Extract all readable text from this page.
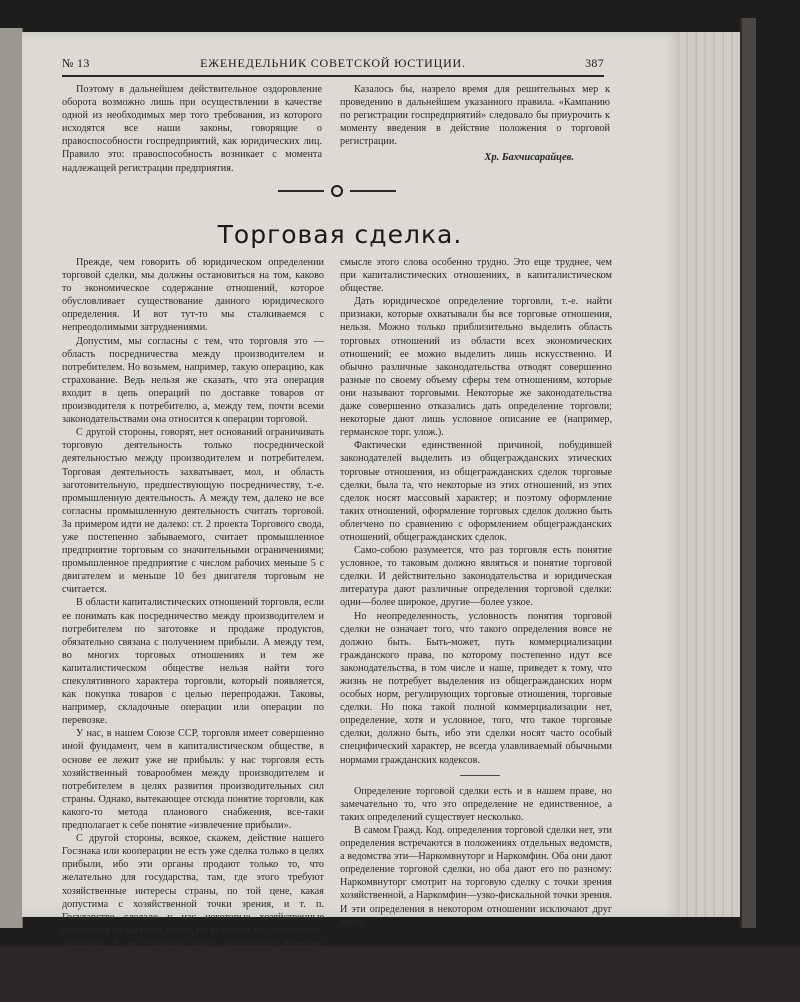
№ 13	ЕЖЕНЕДЕЛЬНИК СОВЕТСКОЙ ЮСТИЦИИ.	387

Поэтому в дальнейшем действительное оздоровление оборота возможно лишь при осуществлении в качестве одной из необходимых мер того требования, из которого исходятся все наши законы, говорящие о правоспособности госпредприятий, как юридических лиц. Правило это: правоспособность возникает с момента надлежащей регистрации предприятия.

Казалось бы, назрело время для решительных мер к проведению в дальнейшем указанного правила. «Кампанию по регистрации госпредприятий» следовало бы приурочить к моменту введения в действие положения о торговой регистрации.

Хр. Бахчисарайцев.
Торговая сделка.

Прежде, чем говорить об юридическом определении торговой сделки, мы должны остановиться на том, каково то экономическое содержание отношений, которое обусловливает существование данного юридического определения. И вот тут-то мы сталкиваемся с непреодолимыми затруднениями.

Допустим, мы согласны с тем, что торговля это — область посредничества между производителем и потребителем. Но возьмем, например, такую операцию, как страхование. Ведь нельзя же сказать, что эта операция входит в цепь операций по доставке товаров от производителя к потребителю, а, между тем, почти всеми законодательствами она относится к операции торговой.

С другой стороны, говорят, нет оснований ограничивать торговую деятельность только посреднической деятельностью между производителем и потребителем. Торговая деятельность захватывает, мол, и область заготовительную, предшествующую посредничеству, т.-е. промышленную деятельность. А между тем, далеко не все согласны промышленную деятельность считать торговой. За примером идти не далеко: ст. 2 проекта Торгового свода, уже постепенно забываемого, считает промышленное предприятие торговым со значительными ограничениями; промышленное предприятие с числом рабочих меньше 5 с двигателем и меньше 10 без двигателя торговым не считается.

В области капиталистических отношений торговля, если ее понимать как посредничество между производителем и потребителем по заготовке и продаже продуктов, обязательно связана с получением прибыли. А между тем, во многих торговых отношениях и тем же капиталистическом обществе нельзя найти того спекулятивного характера торговли, который появляется, как покупка товаров с целью перепродажи. Таковы, например, складочные операции или операции по перевозке.

У нас, в нашем Союзе ССР, торговля имеет совершенно иной фундамент, чем в капиталистическом обществе, в основе ее лежит уже не прибыль: у нас торговля есть хозяйственный товарообмен между производителем и потребителем в целях развития производительных сил страны. Однако, вытекающее отсюда понятие торговли, как какого-то метода планового снабжения, все-таки предполагает к себе понятие «извлечение прибыли».

С другой стороны, всякое, скажем, действие нашего Госзнака или кооперации не есть уже сделка только в целях прибыли, ибо эти органы продают только то, что желательно для государства, там, где этого требуют хозяйственные интересы страны, по той цене, какая допустима с хозяйственной точки зрения, и т. п. Государство сделало у нас некоторые хозяйственные отношения не частным делом, но явлением государственно-правовым. У нас торговцы несут социальную функцию больше, чем где-либо.

При таких условиях выделить область торговых отношений из области экономических отношений в широком

смысле этого слова особенно трудно. Это еще труднее, чем при капиталистических отношениях, в капиталистическом обществе.

Дать юридическое определение торговли, т.-е. найти признаки, которые охватывали бы все торговые отношения, нельзя. Можно только приблизительно выделить область торговых отношений из области всех экономических отношений; ее можно выделить лишь искусственно. И обычно различные законодательства отводят совершенно разные по своему объему сферы тем отношениям, которые они называют торговыми. Некоторые же законодательства даже совершенно отказались дать определение торговли; некоторые дают лишь условное описание ее (например, германское торг. улож.).

Фактически единственной причиной, побудившей законодателей выделить из общегражданских этических торговые отношения, из общегражданских сделок торговые сделки, была та, что некоторые из этих отношений, из этих сделок носят массовый характер; и поэтому оформление таких отношений, оформление торговых сделок должно быть облегчено по сравнению с оформлением общегражданских отношений, общегражданских сделок.

Само-собою разумеется, что раз торговля есть понятие условное, то таковым должно являться и понятие торговой сделки. И действительно законодательства и юридическая литература дают различные определения торговой сделки: одни—более широкое, другие—более узкое.

Но неопределенность, условность понятия торговой сделки не означает того, что такого определения вовсе не должно быть. Быть-может, путь коммерциализации гражданского права, по которому постепенно идут все законодательства, в том числе и наше, приведет к тому, что жизнь не потребует выделения из общегражданских норм особых норм, регулирующих торговые отношения, торговые сделки. Но пока такой полной коммерциализации нет, определение, хотя и условное, того, что такое торговые сделки, должно быть, ибо эти сделки носят часто особый специфический характер, не всегда улавливаемый обычными нормами гражданских кодексов.

Определение торговой сделки есть и в нашем праве, но замечательно то, что это определение не единственное, а таких определений существует несколько.

В самом Гражд. Код. определения торговой сделки нет, эти определения встречаются в положениях отдельных ведомств, а ведомства эти—Наркомвнуторг и Наркомфин. Оба они дают определение торговой сделки, но оба дают его по разному: Наркомвнуторг смотрит на торговую сделку с точки зрения хозяйственной, а Наркомфин—узко-фискальной точки зрения. И эти определения в некотором отношении исключают друг друга.
